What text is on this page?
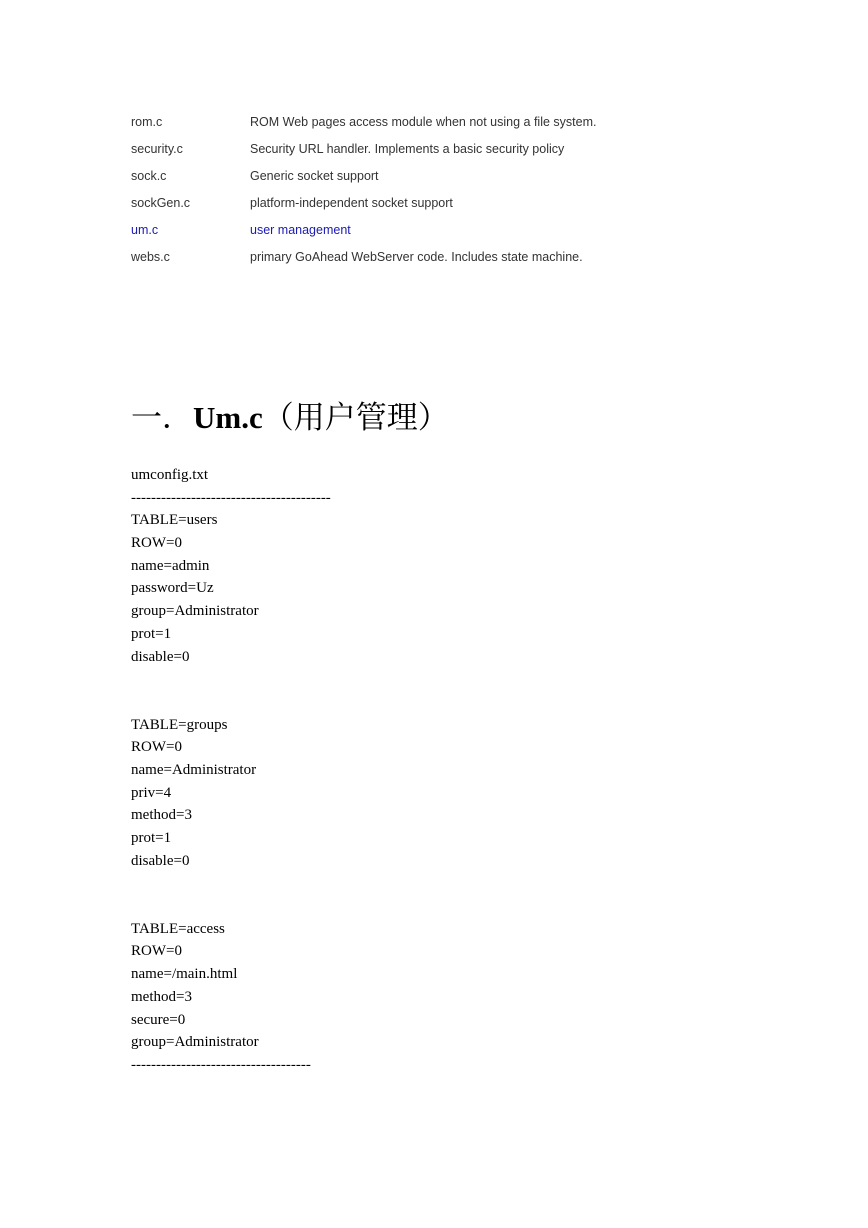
rom.c	ROM Web pages access module when not using a file system.
security.c	Security URL handler. Implements a basic security policy
sock.c	Generic socket support
sockGen.c	platform-independent socket support
um.c	user management
webs.c	primary GoAhead WebServer code. Includes state machine.
一．Um.c（用户管理）
umconfig.txt
----------------------------------------
TABLE=users
ROW=0
name=admin
password=Uz
group=Administrator
prot=1
disable=0
TABLE=groups
ROW=0
name=Administrator
priv=4
method=3
prot=1
disable=0
TABLE=access
ROW=0
name=/main.html
method=3
secure=0
group=Administrator
------------------------------------
